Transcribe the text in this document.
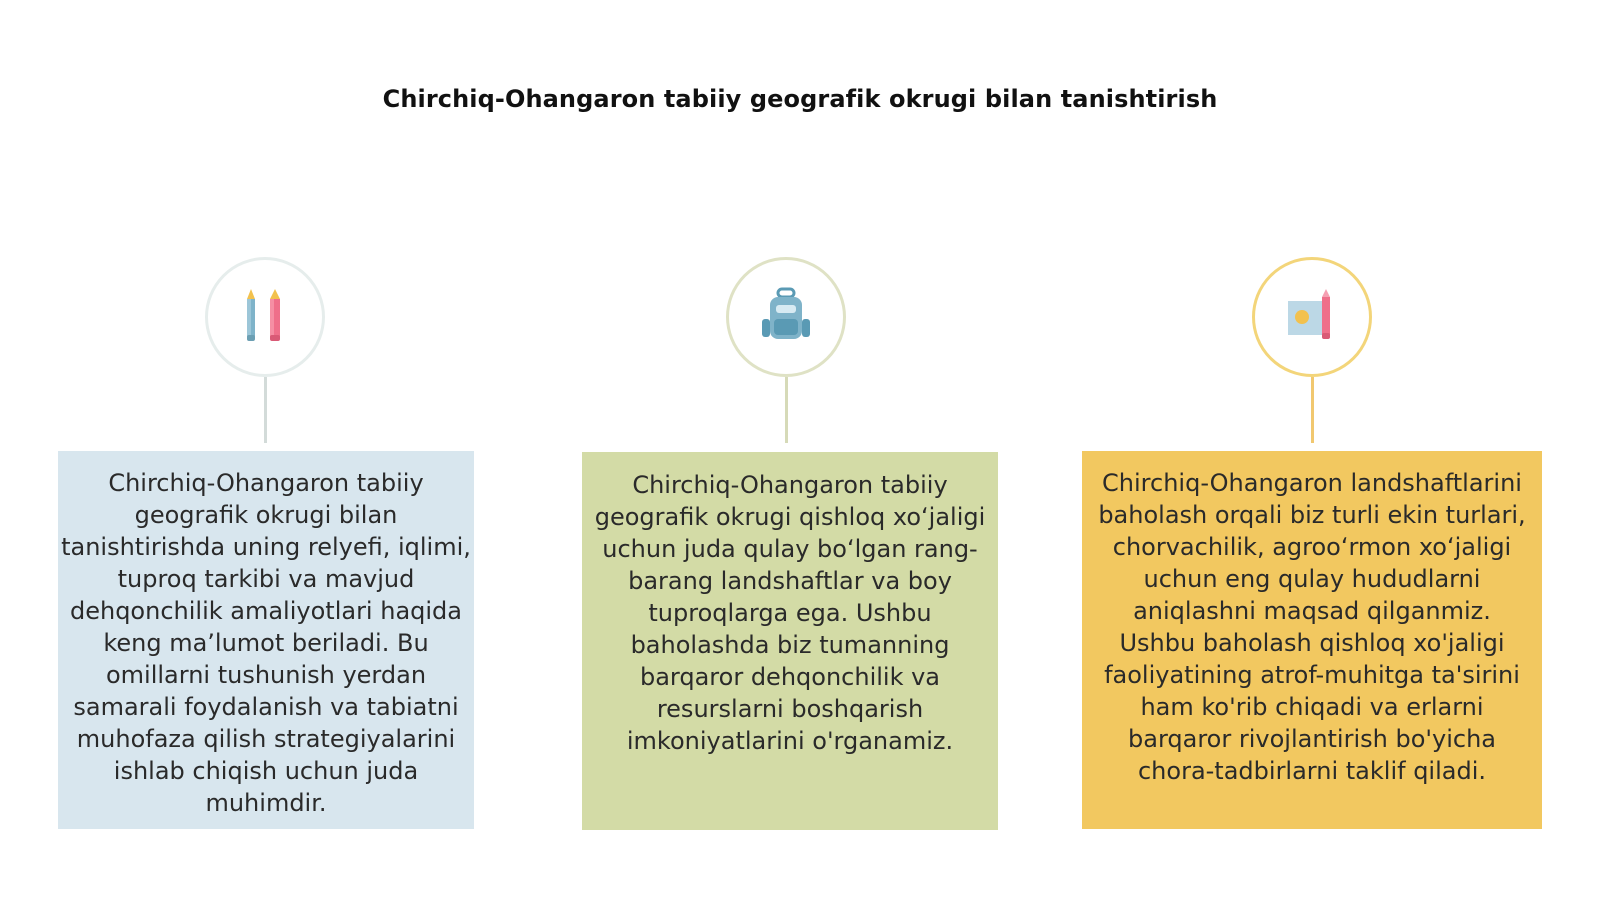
Chirchiq-Ohangaron tabiiy geografik okrugi bilan tanishtirish
Chirchiq-Ohangaron tabiiy geografik okrugi bilan tanishtirishda uning relyefi, iqlimi, tuproq tarkibi va mavjud dehqonchilik amaliyotlari haqida keng ma’lumot beriladi. Bu omillarni tushunish yerdan samarali foydalanish va tabiatni muhofaza qilish strategiyalarini ishlab chiqish uchun juda muhimdir.
Chirchiq-Ohangaron tabiiy geografik okrugi qishloq xoʻjaligi uchun juda qulay boʻlgan rang-barang landshaftlar va boy tuproqlarga ega. Ushbu baholashda biz tumanning barqaror dehqonchilik va resurslarni boshqarish imkoniyatlarini o'rganamiz.
Chirchiq-Ohangaron landshaftlarini baholash orqali biz turli ekin turlari, chorvachilik, agrooʻrmon xoʻjaligi uchun eng qulay hududlarni aniqlashni maqsad qilganmiz. Ushbu baholash qishloq xo'jaligi faoliyatining atrof-muhitga ta'sirini ham ko'rib chiqadi va erlarni barqaror rivojlantirish bo'yicha chora-tadbirlarni taklif qiladi.
